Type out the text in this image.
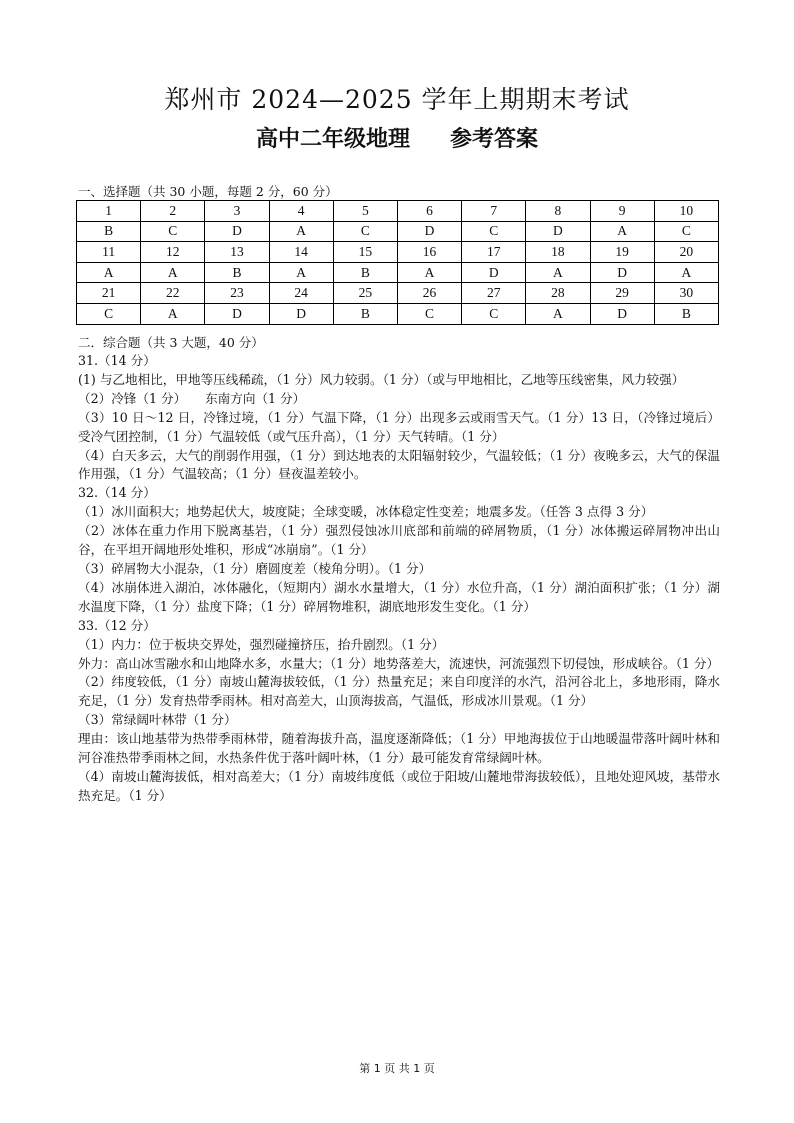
郑州市 2024—2025 学年上期期末考试
高中二年级地理 参考答案
一、选择题（共 30 小题，每题 2 分，60 分）
1	2	3	4	5	6	7	8	9	10
B	C	D	A	C	D	C	D	A	C
11	12	13	14	15	16	17	18	19	20
A	A	B	A	B	A	D	A	D	A
21	22	23	24	25	26	27	28	29	30
C	A	D	D	B	C	C	A	D	B
二．综合题（共 3 大题，40 分）

31.（14 分）

(1) 与乙地相比，甲地等压线稀疏，（1 分）风力较弱。（1 分）（或与甲地相比，乙地等压线密集，风力较强）

（2）冷锋（1 分）　　东南方向（1 分）

（3）10 日～12 日，冷锋过境，（1 分）气温下降，（1 分）出现多云或雨雪天气。（1 分）13 日，（冷锋过境后）受冷气团控制，（1 分）气温较低（或气压升高），（1 分）天气转晴。（1 分）

（4）白天多云，大气的削弱作用强，（1 分）到达地表的太阳辐射较少，气温较低；（1 分）夜晚多云，大气的保温作用强，（1 分）气温较高；（1 分）昼夜温差较小。

32.（14 分）

（1）冰川面积大；地势起伏大，坡度陡；全球变暖，冰体稳定性变差；地震多发。（任答 3 点得 3 分）

（2）冰体在重力作用下脱离基岩，（1 分）强烈侵蚀冰川底部和前端的碎屑物质，（1 分）冰体搬运碎屑物冲出山谷，在平坦开阔地形处堆积，形成“冰崩扇”。（1 分）

（3）碎屑物大小混杂，（1 分）磨圆度差（棱角分明）。（1 分）

（4）冰崩体进入湖泊，冰体融化，（短期内）湖水水量增大，（1 分）水位升高，（1 分）湖泊面积扩张；（1 分）湖水温度下降，（1 分）盐度下降；（1 分）碎屑物堆积，湖底地形发生变化。（1 分）

33.（12 分）

（1）内力：位于板块交界处，强烈碰撞挤压，抬升剧烈。（1 分）

外力：高山冰雪融水和山地降水多，水量大；（1 分）地势落差大，流速快，河流强烈下切侵蚀，形成峡谷。（1 分）

（2）纬度较低，（1 分）南坡山麓海拔较低，（1 分）热量充足；来自印度洋的水汽，沿河谷北上，多地形雨，降水充足，（1 分）发育热带季雨林。相对高差大，山顶海拔高，气温低，形成冰川景观。（1 分）

（3）常绿阔叶林带（1 分）

理由：该山地基带为热带季雨林带，随着海拔升高，温度逐渐降低；（1 分）甲地海拔位于山地暖温带落叶阔叶林和河谷准热带季雨林之间，水热条件优于落叶阔叶林，（1 分）最可能发育常绿阔叶林。

（4）南坡山麓海拔低，相对高差大；（1 分）南坡纬度低（或位于阳坡/山麓地带海拔较低），且地处迎风坡，基带水热充足。（1 分）

第 1 页 共 1 页
